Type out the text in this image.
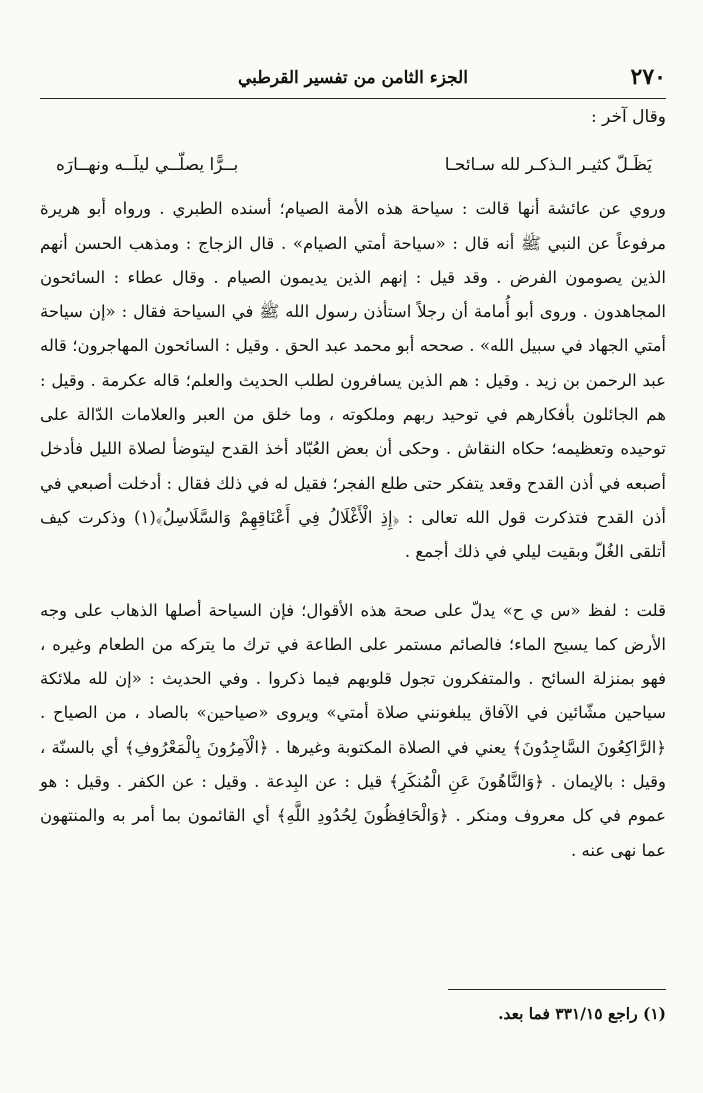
٢٧٠
الجزء الثامن من تفسير القرطبي

وقال آخر :

يَظَـلّ كثيـر الـذكـر لله سـائحـا
بــرًّا يصلّــي ليلَــه ونهــارَه

وروي عن عائشة أنها قالت : سياحة هذه الأمة الصيام؛ أسنده الطبري . ورواه أبو هريرة مرفوعاً عن النبي ﷺ أنه قال : «سياحة أمتي الصيام» . قال الزجاج : ومذهب الحسن أنهم الذين يصومون الفرض . وقد قيل : إنهم الذين يديمون الصيام . وقال عطاء : السائحون المجاهدون . وروى أبو أُمامة أن رجلاً استأذن رسول الله ﷺ في السياحة فقال : «إن سياحة أمتي الجهاد في سبيل الله» . صححه أبو محمد عبد الحق . وقيل : السائحون المهاجرون؛ قاله عبد الرحمن بن زيد . وقيل : هم الذين يسافرون لطلب الحديث والعلم؛ قاله عكرمة . وقيل : هم الجائلون بأفكارهم في توحيد ربهم وملكوته ، وما خلق من العبر والعلامات الدّالة على توحيده وتعظيمه؛ حكاه النقاش . وحكى أن بعض العُبّاد أخذ القدح ليتوضأ لصلاة الليل فأدخل أصبعه في أذن القدح وقعد يتفكر حتى طلع الفجر؛ فقيل له في ذلك فقال : أدخلت أصبعي في أذن القدح فتذكرت قول الله تعالى : ﴿إِذِ الْأَغْلَالُ فِي أَعْنَاقِهِمْ وَالسَّلَاسِلُ﴾(١) وذكرت كيف أتلقى الغُلّ وبقيت ليلي في ذلك أجمع .

قلت : لفظ «س ي ح» يدلّ على صحة هذه الأقوال؛ فإن السياحة أصلها الذهاب على وجه الأرض كما يسيح الماء؛ فالصائم مستمر على الطاعة في ترك ما يتركه من الطعام وغيره ، فهو بمنزلة السائح . والمتفكرون تجول قلوبهم فيما ذكروا . وفي الحديث : «إن لله ملائكة سياحين مشّائين في الآفاق يبلغونني صلاة أمتي» ويروى «صياحين» بالصاد ، من الصياح . ﴿الرَّاكِعُونَ السَّاجِدُونَ﴾ يعني في الصلاة المكتوبة وغيرها . ﴿الْآمِرُونَ بِالْمَعْرُوفِ﴾ أي بالسنّة ، وقيل : بالإيمان . ﴿وَالنَّاهُونَ عَنِ الْمُنكَرِ﴾ قيل : عن البِدعة . وقيل : عن الكفر . وقيل : هو عموم في كل معروف ومنكر . ﴿وَالْحَافِظُونَ لِحُدُودِ اللَّهِ﴾ أي القائمون بما أمر به والمنتهون عما نهى عنه .

(١) راجع ٣٣١/١٥ فما بعد.
